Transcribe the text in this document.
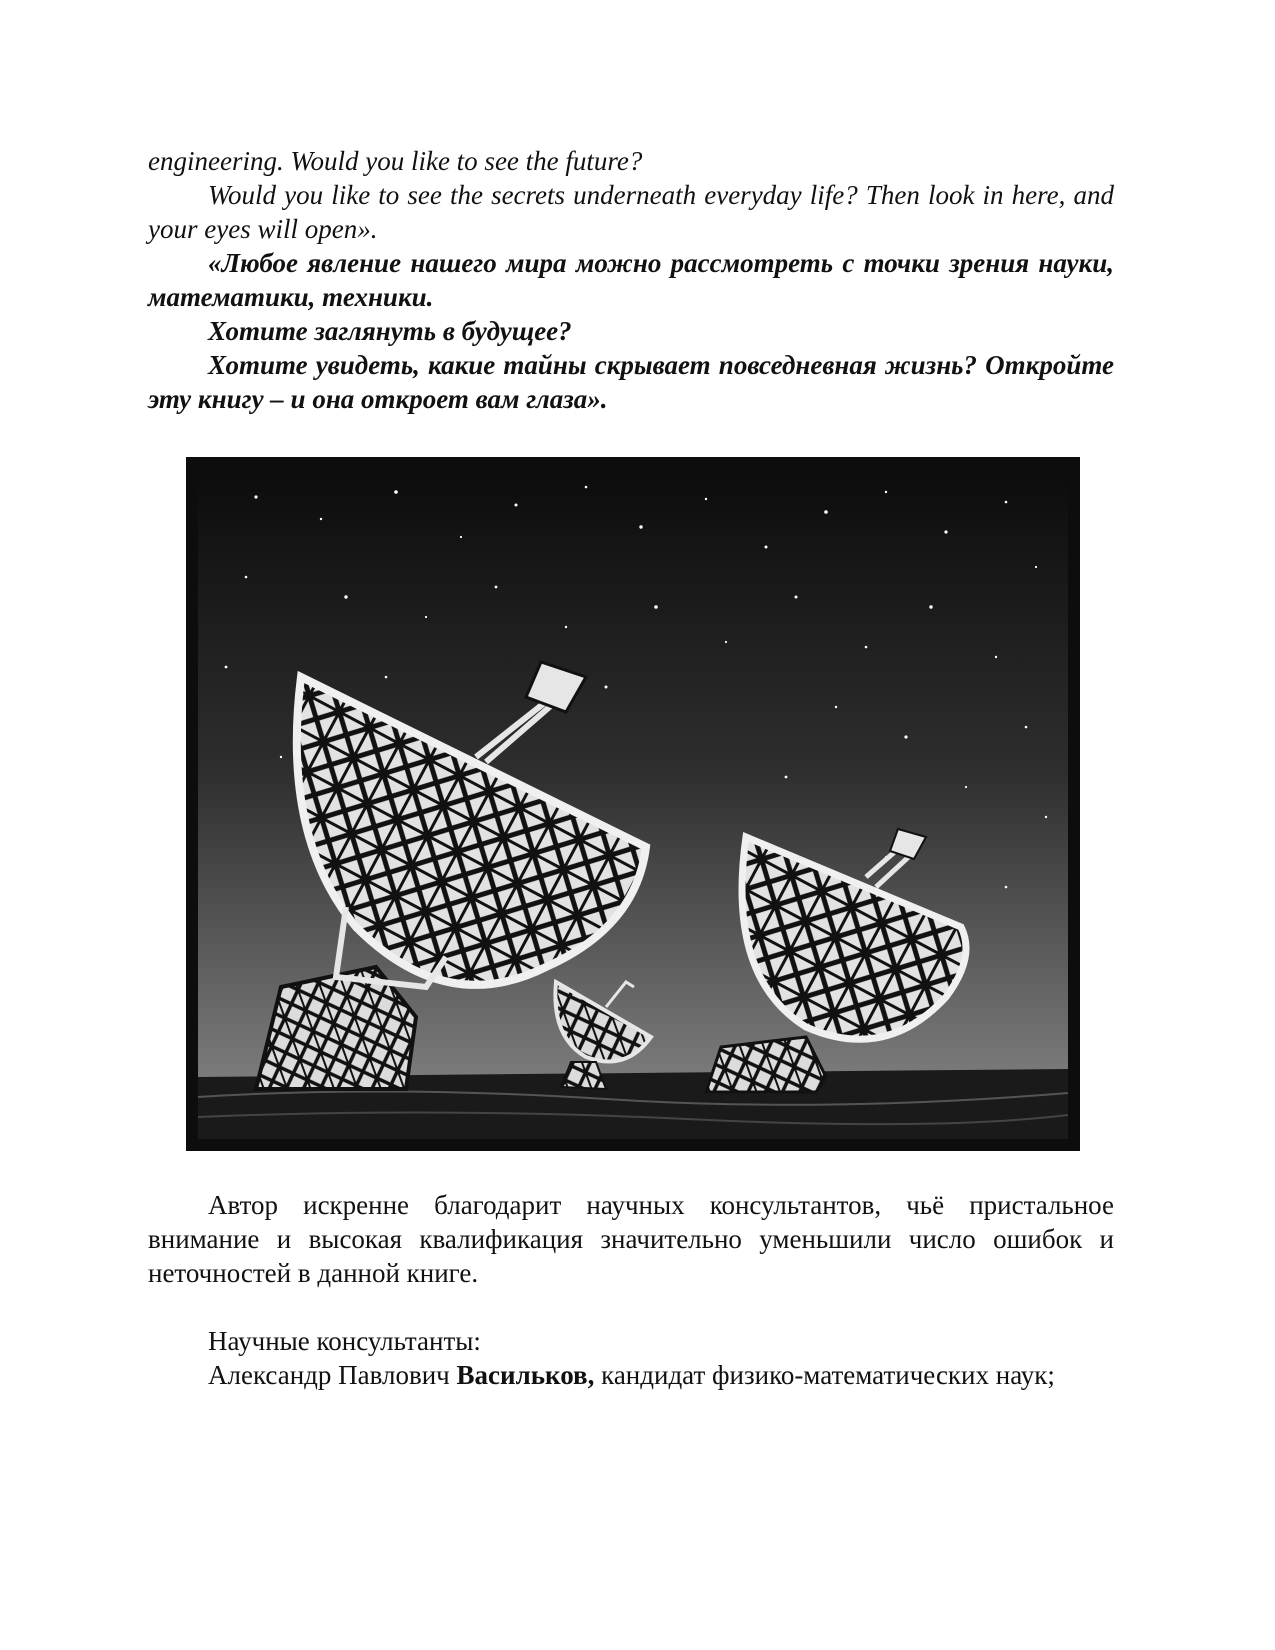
engineering. Would you like to see the future?

Would you like to see the secrets underneath everyday life? Then look in here, and your eyes will open».

«Любое явление нашего мира можно рассмотреть с точки зрения науки, математики, техники.

Хотите заглянуть в будущее?

Хотите увидеть, какие тайны скрывает повседневная жизнь? Откройте эту книгу – и она откроет вам глаза».

Автор искренне благодарит научных консультантов, чьё пристальное внимание и высокая квалификация значительно уменьшили число ошибок и неточностей в данной книге.

Научные консультанты:

Александр Павлович Васильков, кандидат физико-математических наук;
